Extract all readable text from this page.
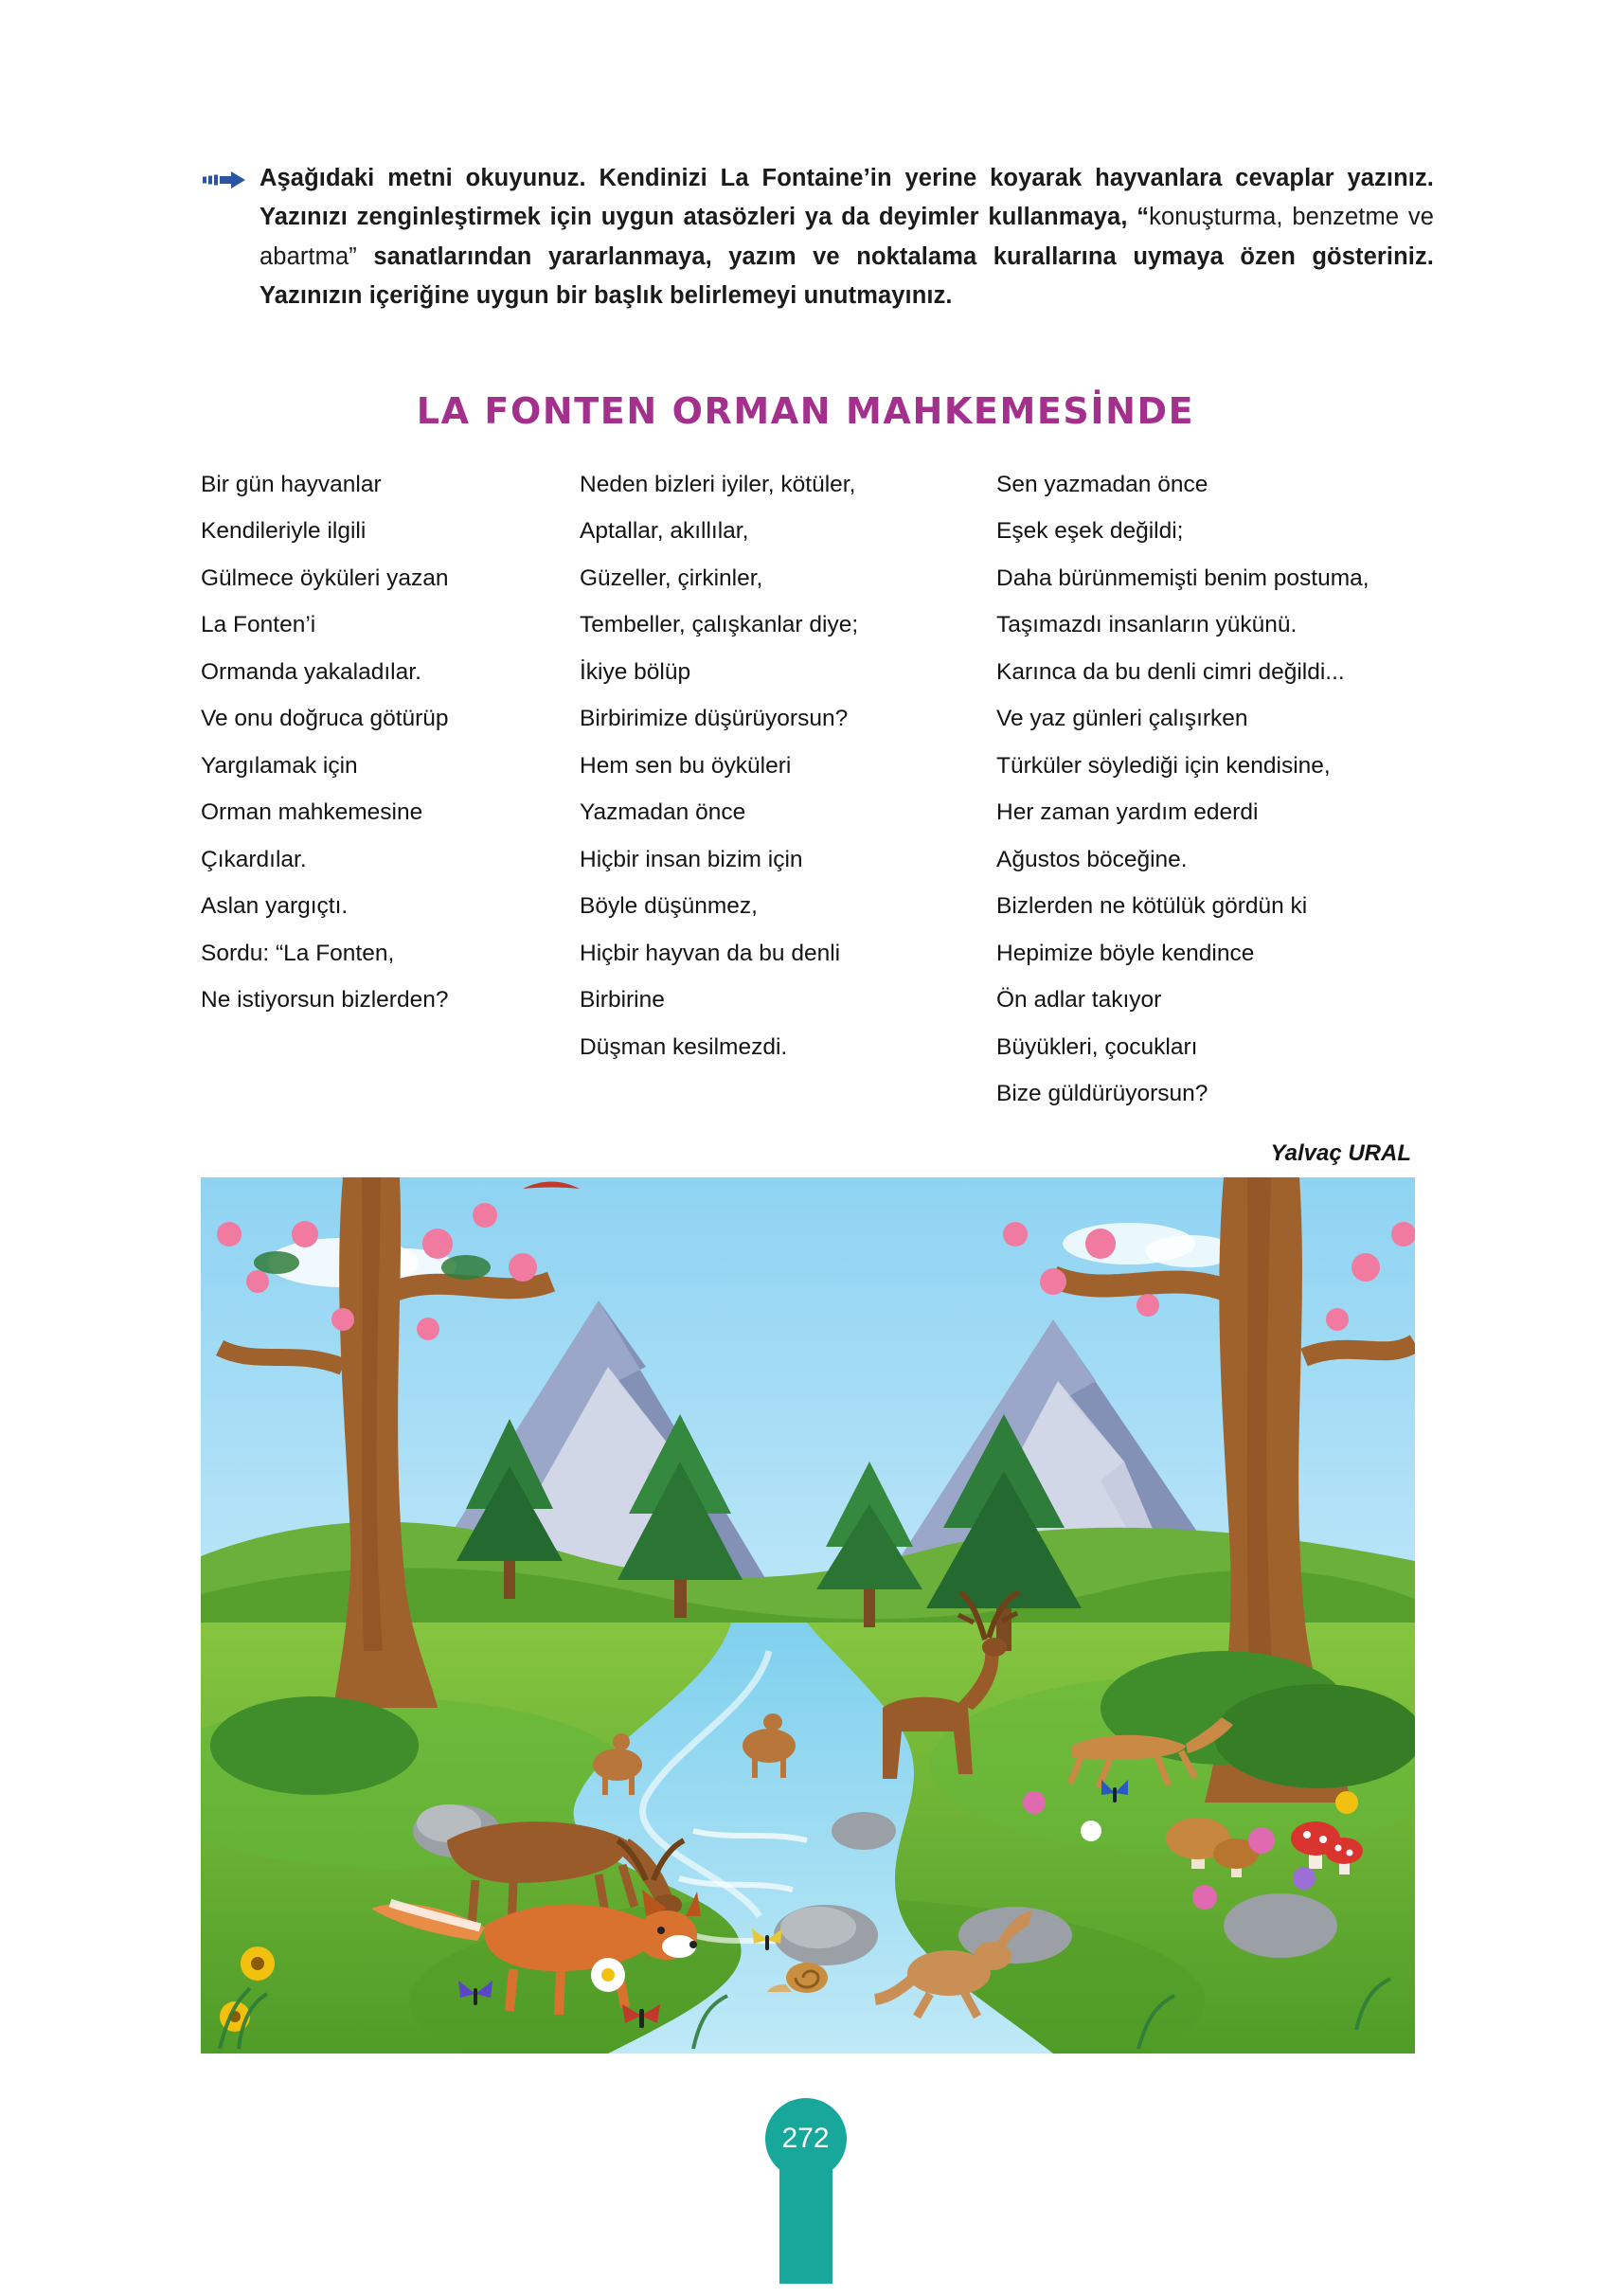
Aşağıdaki metni okuyunuz. Kendinizi La Fontaine’in yerine koyarak hayvanlara cevaplar yazınız. Yazınızı zenginleştirmek için uygun atasözleri ya da deyimler kullanmaya, “konuşturma, benzetme ve abartma” sanatlarından yararlanmaya, yazım ve noktalama kurallarına uymaya özen gösteriniz. Yazınızın içeriğine uygun bir başlık belirlemeyi unutmayınız.
LA FONTEN ORMAN MAHKEMESİNDE
Bir gün hayvanlar
Kendileriyle ilgili
Gülmece öyküleri yazan
La Fonten’i
Ormanda yakaladılar.
Ve onu doğruca götürüp
Yargılamak için
Orman mahkemesine
Çıkardılar.
Aslan yargıçtı.
Sordu: “La Fonten,
Ne istiyorsun bizlerden?
Neden bizleri iyiler, kötüler,
Aptallar, akıllılar,
Güzeller, çirkinler,
Tembeller, çalışkanlar diye;
İkiye bölüp
Birbirimize düşürüyorsun?
Hem sen bu öyküleri
Yazmadan önce
Hiçbir insan bizim için
Böyle düşünmez,
Hiçbir hayvan da bu denli
Birbirine
Düşman kesilmezdi.
Sen yazmadan önce
Eşek eşek değildi;
Daha bürünmemişti benim postuma,
Taşımazdı insanların yükünü.
Karınca da bu denli cimri değildi...
Ve yaz günleri çalışırken
Türküler söylediği için kendisine,
Her zaman yardım ederdi
Ağustos böceğine.
Bizlerden ne kötülük gördün ki
Hepimize böyle kendince
Ön adlar takıyor
Büyükleri, çocukları
Bize güldürüyorsun?
Yalvaç URAL
272
